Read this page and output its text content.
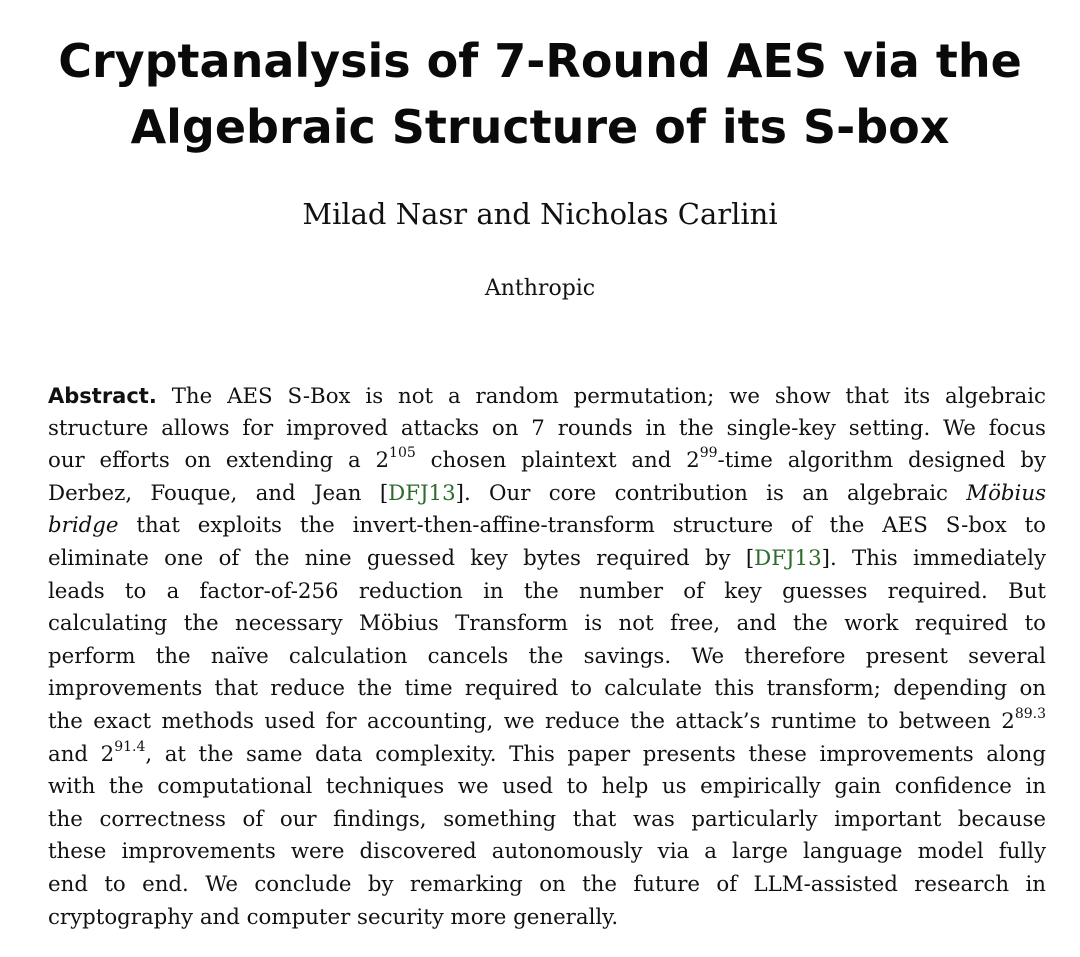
Cryptanalysis of 7-Round AES via the
Algebraic Structure of its S-box
Milad Nasr and Nicholas Carlini
Anthropic
Abstract. The AES S-Box is not a random permutation; we show that its algebraic
structure allows for improved attacks on 7 rounds in the single-key setting. We focus
our efforts on extending a $2^{105}$ chosen plaintext and $2^{99}$-time algorithm designed by
Derbez, Fouque, and Jean [DFJ13]. Our core contribution is an algebraic Möbius
bridge that exploits the invert-then-affine-transform structure of the AES S-box to
eliminate one of the nine guessed key bytes required by [DFJ13]. This immediately
leads to a factor-of-256 reduction in the number of key guesses required. But
calculating the necessary Möbius Transform is not free, and the work required to
perform the naïve calculation cancels the savings. We therefore present several
improvements that reduce the time required to calculate this transform; depending on
the exact methods used for accounting, we reduce the attack’s runtime to between $2^{89.3}$
and $2^{91.4}$, at the same data complexity. This paper presents these improvements along
with the computational techniques we used to help us empirically gain confidence in
the correctness of our findings, something that was particularly important because
these improvements were discovered autonomously via a large language model fully
end to end. We conclude by remarking on the future of LLM-assisted research in
cryptography and computer security more generally.
